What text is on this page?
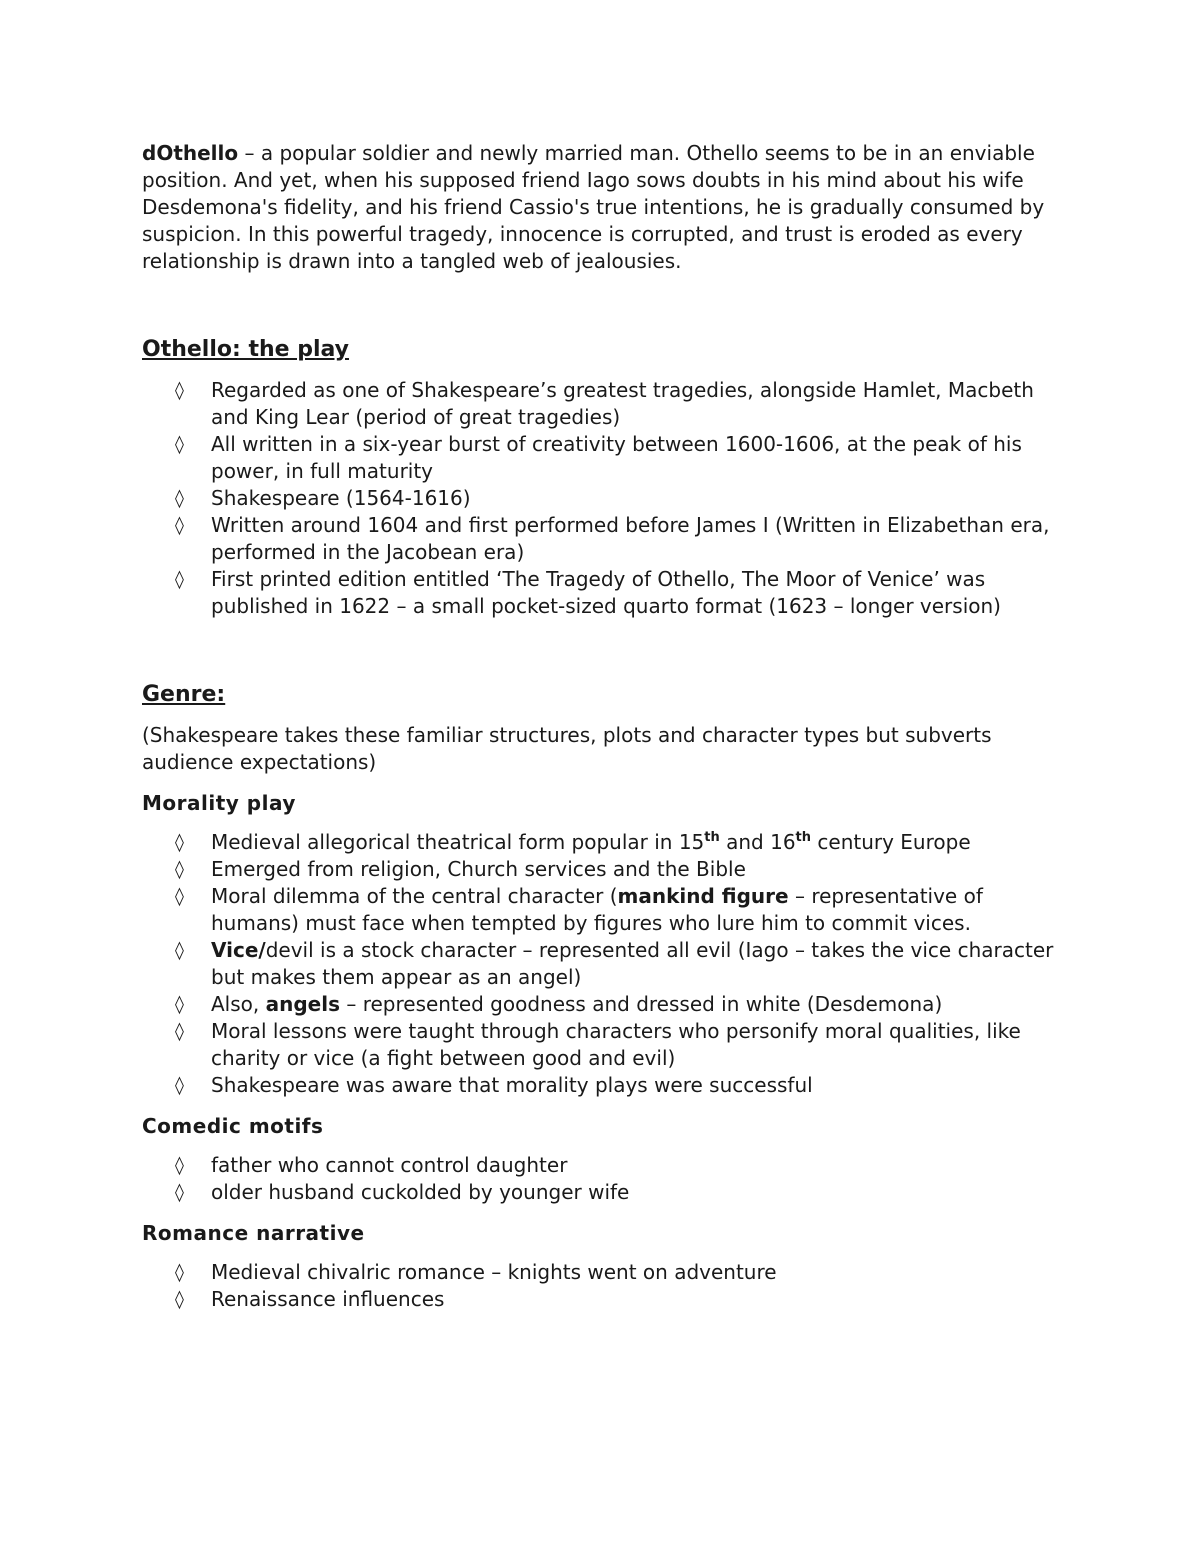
dOthello – a popular soldier and newly married man. Othello seems to be in an enviable position. And yet, when his supposed friend Iago sows doubts in his mind about his wife Desdemona's fidelity, and his friend Cassio's true intentions, he is gradually consumed by suspicion. In this powerful tragedy, innocence is corrupted, and trust is eroded as every relationship is drawn into a tangled web of jealousies.

Othello: the play
◊ Regarded as one of Shakespeare’s greatest tragedies, alongside Hamlet, Macbeth and King Lear (period of great tragedies)
◊ All written in a six-year burst of creativity between 1600-1606, at the peak of his power, in full maturity
◊ Shakespeare (1564-1616)
◊ Written around 1604 and first performed before James I (Written in Elizabethan era, performed in the Jacobean era)
◊ First printed edition entitled ‘The Tragedy of Othello, The Moor of Venice’ was published in 1622 – a small pocket-sized quarto format (1623 – longer version)
Genre:

(Shakespeare takes these familiar structures, plots and character types but subverts audience expectations)

Morality play

◊ Medieval allegorical theatrical form popular in 15th and 16th century Europe
◊ Emerged from religion, Church services and the Bible
◊ Moral dilemma of the central character (mankind figure – representative of humans) must face when tempted by figures who lure him to commit vices.
◊ Vice/devil is a stock character – represented all evil (Iago – takes the vice character but makes them appear as an angel)
◊ Also, angels – represented goodness and dressed in white (Desdemona)
◊ Moral lessons were taught through characters who personify moral qualities, like charity or vice (a fight between good and evil)
◊ Shakespeare was aware that morality plays were successful

Comedic motifs

◊ father who cannot control daughter
◊ older husband cuckolded by younger wife

Romance narrative

◊ Medieval chivalric romance – knights went on adventure
◊ Renaissance influences
